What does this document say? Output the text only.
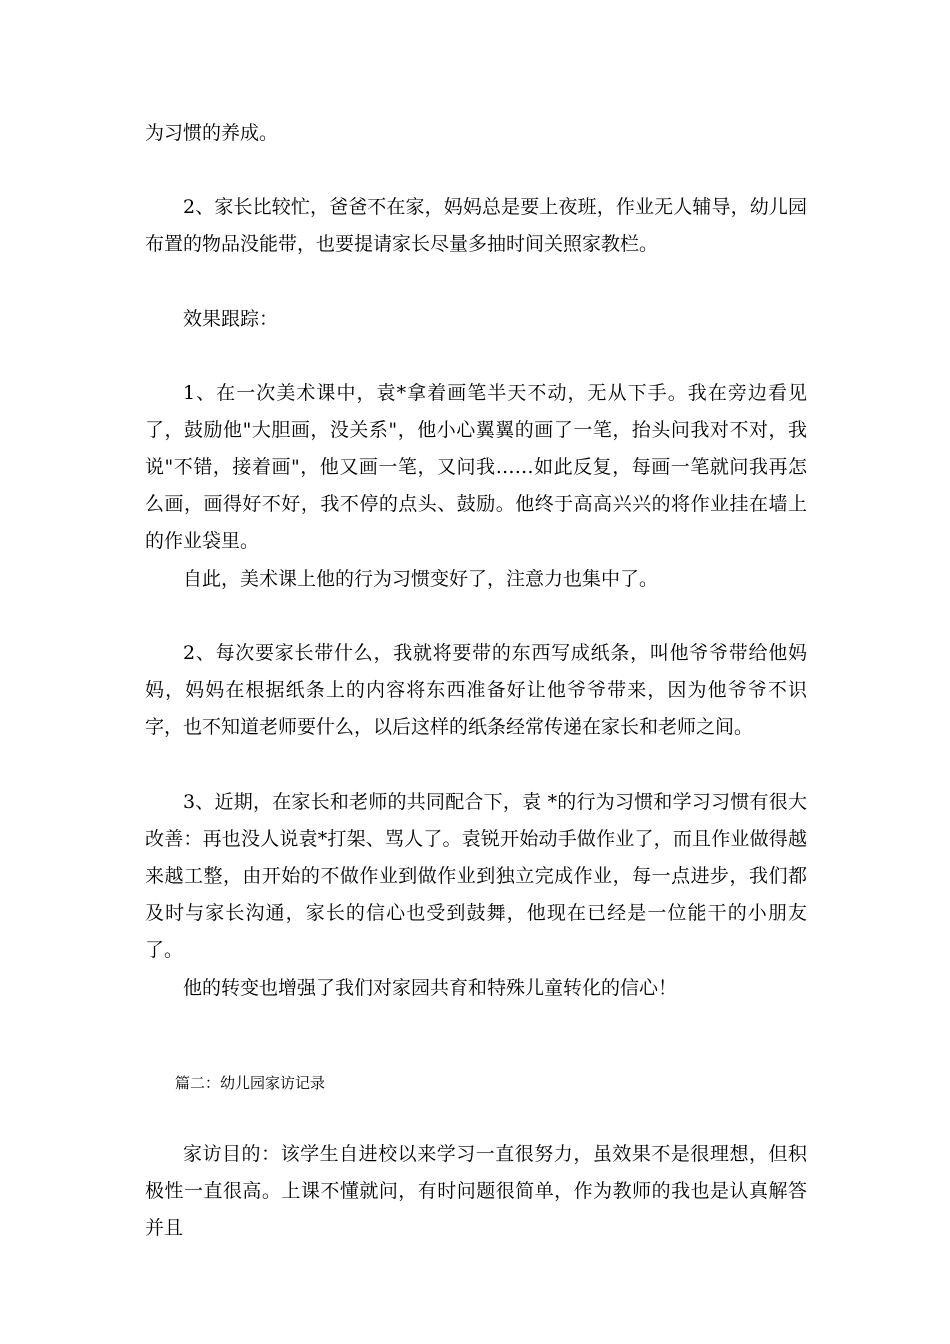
为习惯的养成。

2、家长比较忙，爸爸不在家，妈妈总是要上夜班，作业无人辅导，幼儿园布置的物品没能带，也要提请家长尽量多抽时间关照家教栏。

效果跟踪：

1、在一次美术课中，袁*拿着画笔半天不动，无从下手。我在旁边看见了，鼓励他"大胆画，没关系"，他小心翼翼的画了一笔，抬头问我对不对，我说"不错，接着画"，他又画一笔，又问我……如此反复，每画一笔就问我再怎么画，画得好不好，我不停的点头、鼓励。他终于高高兴兴的将作业挂在墙上的作业袋里。

自此，美术课上他的行为习惯变好了，注意力也集中了。

2、每次要家长带什么，我就将要带的东西写成纸条，叫他爷爷带给他妈妈，妈妈在根据纸条上的内容将东西准备好让他爷爷带来，因为他爷爷不识字，也不知道老师要什么，以后这样的纸条经常传递在家长和老师之间。

3、近期，在家长和老师的共同配合下，袁 *的行为习惯和学习习惯有很大改善：再也没人说袁*打架、骂人了。袁锐开始动手做作业了，而且作业做得越来越工整，由开始的不做作业到做作业到独立完成作业，每一点进步，我们都及时与家长沟通，家长的信心也受到鼓舞，他现在已经是一位能干的小朋友了。

他的转变也增强了我们对家园共育和特殊儿童转化的信心！

篇二：幼儿园家访记录

家访目的：该学生自进校以来学习一直很努力，虽效果不是很理想，但积极性一直很高。上课不懂就问，有时问题很简单，作为教师的我也是认真解答并且
